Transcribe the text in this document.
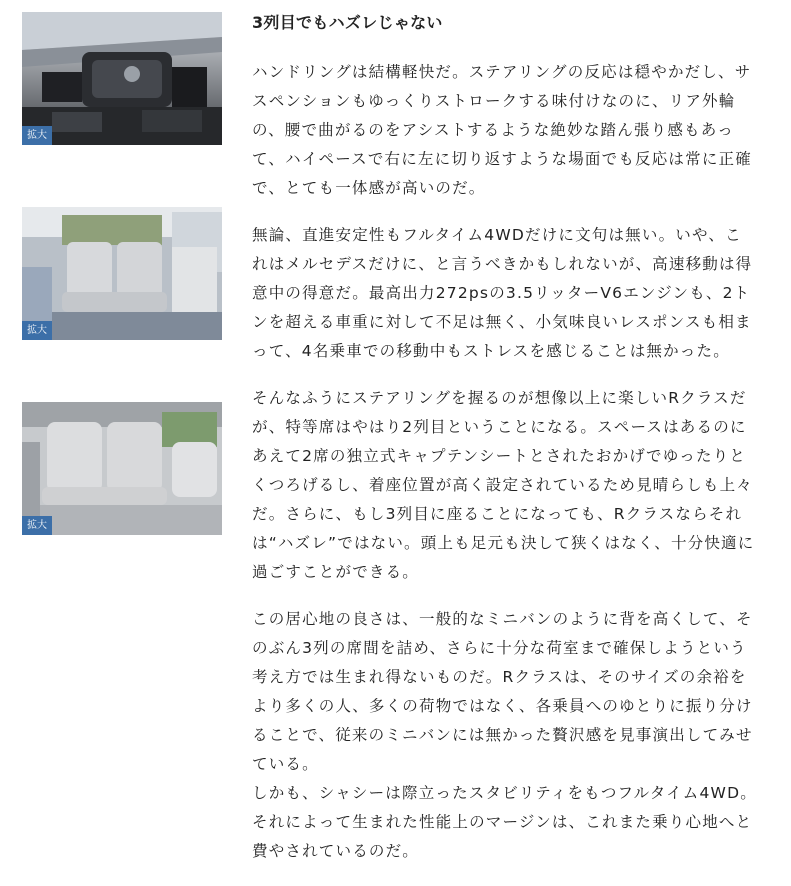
拡大
拡大
拡大
3列目でもハズレじゃない

ハンドリングは結構軽快だ。ステアリングの反応は穏やかだし、サスペンションもゆっくりストロークする味付けなのに、リア外輪の、腰で曲がるのをアシストするような絶妙な踏ん張り感もあって、ハイペースで右に左に切り返すような場面でも反応は常に正確で、とても一体感が高いのだ。

無論、直進安定性もフルタイム4WDだけに文句は無い。いや、これはメルセデスだけに、と言うべきかもしれないが、高速移動は得意中の得意だ。最高出力272psの3.5リッターV6エンジンも、2トンを超える車重に対して不足は無く、小気味良いレスポンスも相まって、4名乗車での移動中もストレスを感じることは無かった。

そんなふうにステアリングを握るのが想像以上に楽しいRクラスだが、特等席はやはり2列目ということになる。スペースはあるのにあえて2席の独立式キャプテンシートとされたおかげでゆったりとくつろげるし、着座位置が高く設定されているため見晴らしも上々だ。さらに、もし3列目に座ることになっても、Rクラスならそれは“ハズレ”ではない。頭上も足元も決して狭くはなく、十分快適に過ごすことができる。

この居心地の良さは、一般的なミニバンのように背を高くして、そのぶん3列の席間を詰め、さらに十分な荷室まで確保しようという考え方では生まれ得ないものだ。Rクラスは、そのサイズの余裕をより多くの人、多くの荷物ではなく、各乗員へのゆとりに振り分けることで、従来のミニバンには無かった贅沢感を見事演出してみせている。

しかも、シャシーは際立ったスタビリティをもつフルタイム4WD。それによって生まれた性能上のマージンは、これまた乗り心地へと費やされているのだ。
